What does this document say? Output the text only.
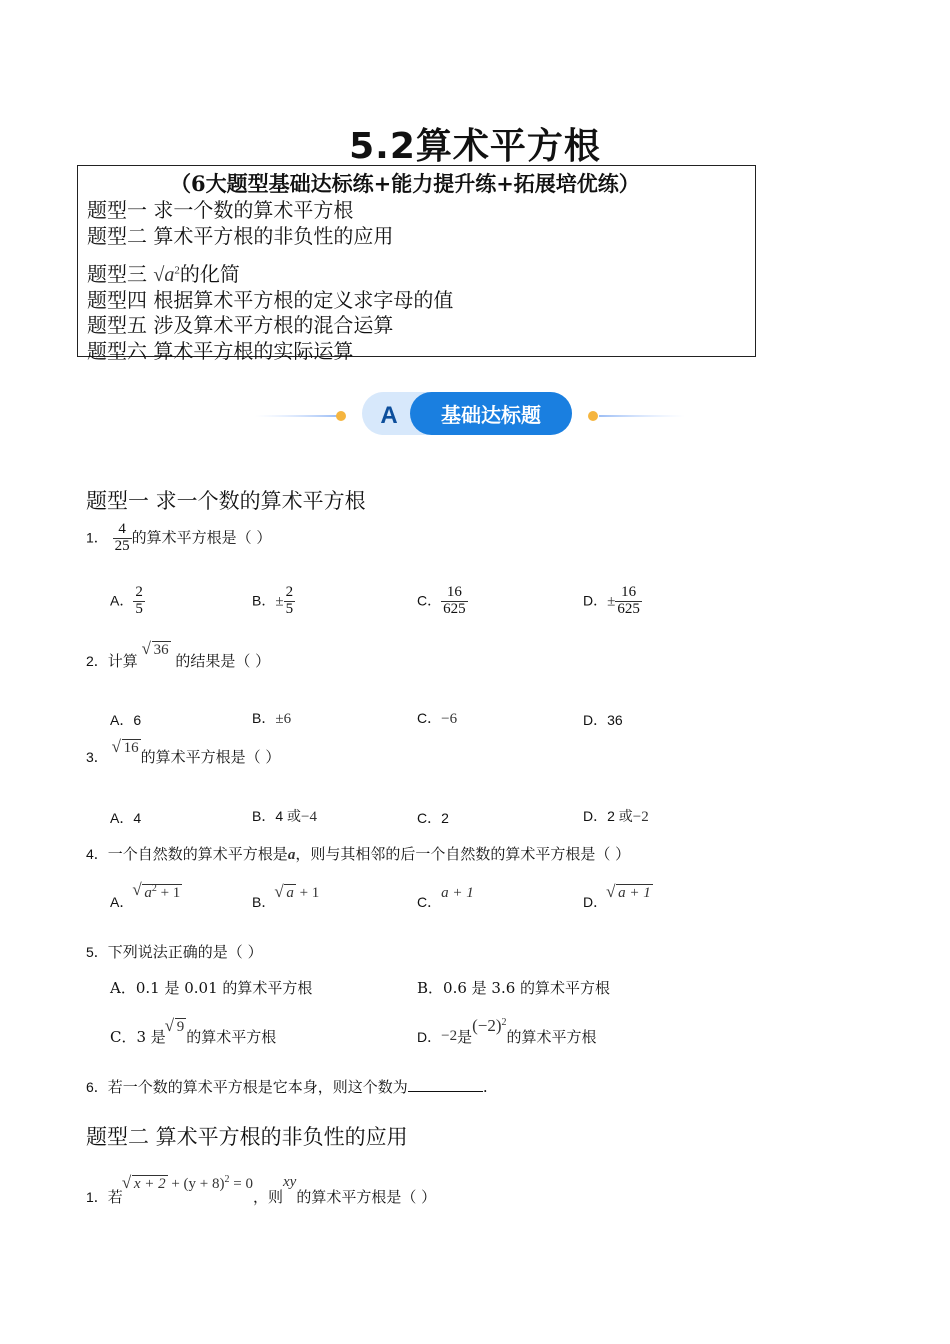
5.2算术平方根
（6大题型基础达标练+能力提升练+拓展培优练）
题型一 求一个数的算术平方根
题型二 算术平方根的非负性的应用
题型三 $√a^2$的化简
题型四 根据算术平方根的定义求字母的值
题型五 涉及算术平方根的混合运算
题型六 算术平方根的实际运算
A 基础达标题
题型一 求一个数的算术平方根
1． $\frac{4}{25}$ 的算术平方根是（ ）
A． $\frac{2}{5}$	B．± $\frac{2}{5}$	C． $\frac{16}{625}$	D．± $\frac{16}{625}$
2．计算 √ 36 的结果是（ ）
A．6	B．±6	C．−6	D．36
3． √ 16 的算术平方根是（ ）
A．4	B．4 或−4	C．2	D．2 或−2
4．一个自然数的算术平方根是a，则与其相邻的后一个自然数的算术平方根是（ ）
A．√ $a^2 + 1$
B．√ a + 1
C．a + 1
D．√ a + 1
5．下列说法正确的是（ ）
A．0.1 是 0.01 的算术平方根	B．0.6 是 3.6 的算术平方根
C．3 是√ 9的算术平方根	D．−2是$(-2)^2$的算术平方根
6．若一个数的算术平方根是它本身，则这个数为	.
题型二 算术平方根的非负性的应用
1．若√ $x + 2 + (y + 8)^2 = 0$，则xy的算术平方根是（ ）
